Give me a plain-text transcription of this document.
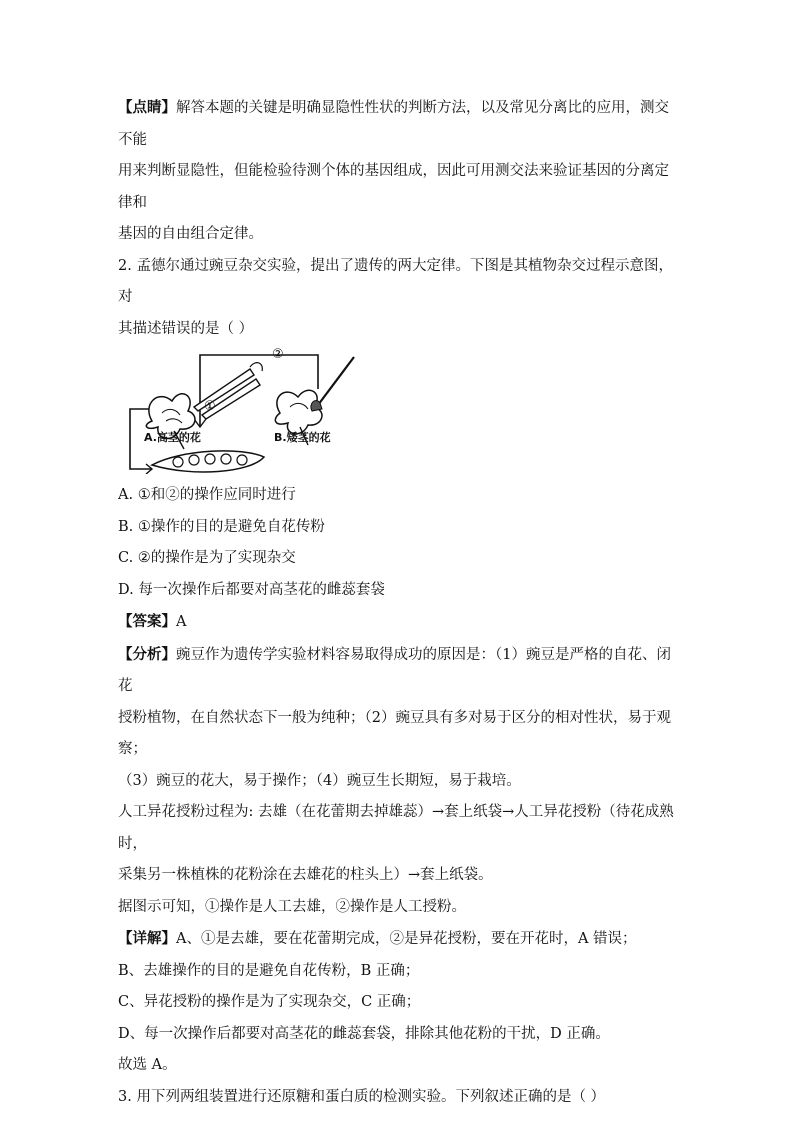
【点睛】解答本题的关键是明确显隐性性状的判断方法，以及常见分离比的应用，测交不能

用来判断显隐性，但能检验待测个体的基因组成，因此可用测交法来验证基因的分离定律和

基因的自由组合定律。

2. 孟德尔通过豌豆杂交实验，提出了遗传的两大定律。下图是其植物杂交过程示意图，对

其描述错误的是（ ）

②
①
A.高茎的花	B.矮茎的花

A. ①和②的操作应同时进行

B. ①操作的目的是避免自花传粉

C. ②的操作是为了实现杂交

D. 每一次操作后都要对高茎花的雌蕊套袋

【答案】A

【分析】豌豆作为遗传学实验材料容易取得成功的原因是：（1）豌豆是严格的自花、闭花

授粉植物，在自然状态下一般为纯种；（2）豌豆具有多对易于区分的相对性状，易于观察；

（3）豌豆的花大，易于操作；（4）豌豆生长期短，易于栽培。

人工异花授粉过程为: 去雄（在花蕾期去掉雄蕊）→套上纸袋→人工异花授粉（待花成熟时，

采集另一株植株的花粉涂在去雄花的柱头上）→套上纸袋。

据图示可知，①操作是人工去雄，②操作是人工授粉。

【详解】A、①是去雄，要在花蕾期完成，②是异花授粉，要在开花时，A 错误；

B、去雄操作的目的是避免自花传粉，B 正确；

C、异花授粉的操作是为了实现杂交，C 正确；

D、每一次操作后都要对高茎花的雌蕊套袋，排除其他花粉的干扰，D 正确。

故选 A。

3. 用下列两组装置进行还原糖和蛋白质的检测实验。下列叙述正确的是（ ）
